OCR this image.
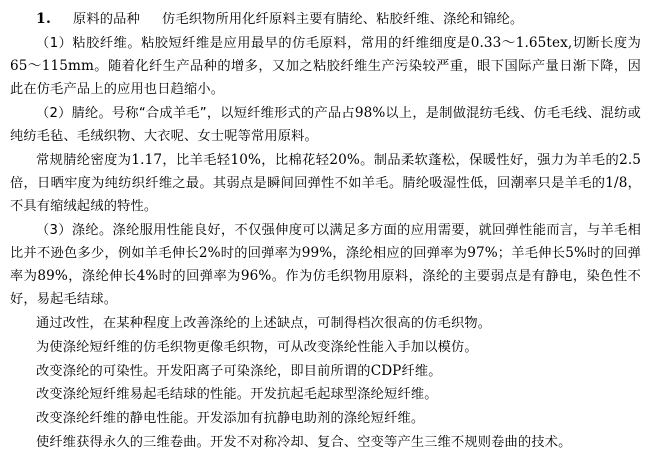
1. 原料的品种 仿毛织物所用化纤原料主要有腈纶、粘胶纤维、涤纶和锦纶。
（1）粘胶纤维。粘胶短纤维是应用最早的仿毛原料，常用的纤维细度是0.33～1.65tex,切断长度为65～115mm。随着化纤生产品种的增多，又加之粘胶纤维生产污染较严重，眼下国际产量日渐下降，因此在仿毛产品上的应用也日趋缩小。
（2）腈纶。号称“合成羊毛”，以短纤维形式的产品占98%以上，是制做混纺毛线、仿毛毛线、混纺或纯纺毛毡、毛绒织物、大衣呢、女士呢等常用原料。
常规腈纶密度为1.17，比羊毛轻10%，比棉花轻20%。制品柔软蓬松，保暖性好，强力为羊毛的2.5倍，日晒牢度为纯纺织纤维之最。其弱点是瞬间回弹性不如羊毛。腈纶吸湿性低，回潮率只是羊毛的1/8，不具有缩绒起绒的特性。
（3）涤纶。涤纶服用性能良好，不仅强伸度可以满足多方面的应用需要，就回弹性能而言，与羊毛相比并不逊色多少，例如羊毛伸长2%时的回弹率为99%，涤纶相应的回弹率为97%；羊毛伸长5%时的回弹率为89%，涤纶伸长4%时的回弹率为96%。作为仿毛织物用原料，涤纶的主要弱点是有静电，染色性不好，易起毛结球。
通过改性，在某种程度上改善涤纶的上述缺点，可制得档次很高的仿毛织物。
为使涤纶短纤维的仿毛织物更像毛织物，可从改变涤纶性能入手加以模仿。
改变涤纶的可染性。开发阳离子可染涤纶，即目前所谓的CDP纤维。
改变涤纶短纤维易起毛结球的性能。开发抗起毛起球型涤纶短纤维。
改变涤纶纤维的静电性能。开发添加有抗静电助剂的涤纶短纤维。
使纤维获得永久的三维卷曲。开发不对称冷却、复合、空变等产生三维不规则卷曲的技术。
